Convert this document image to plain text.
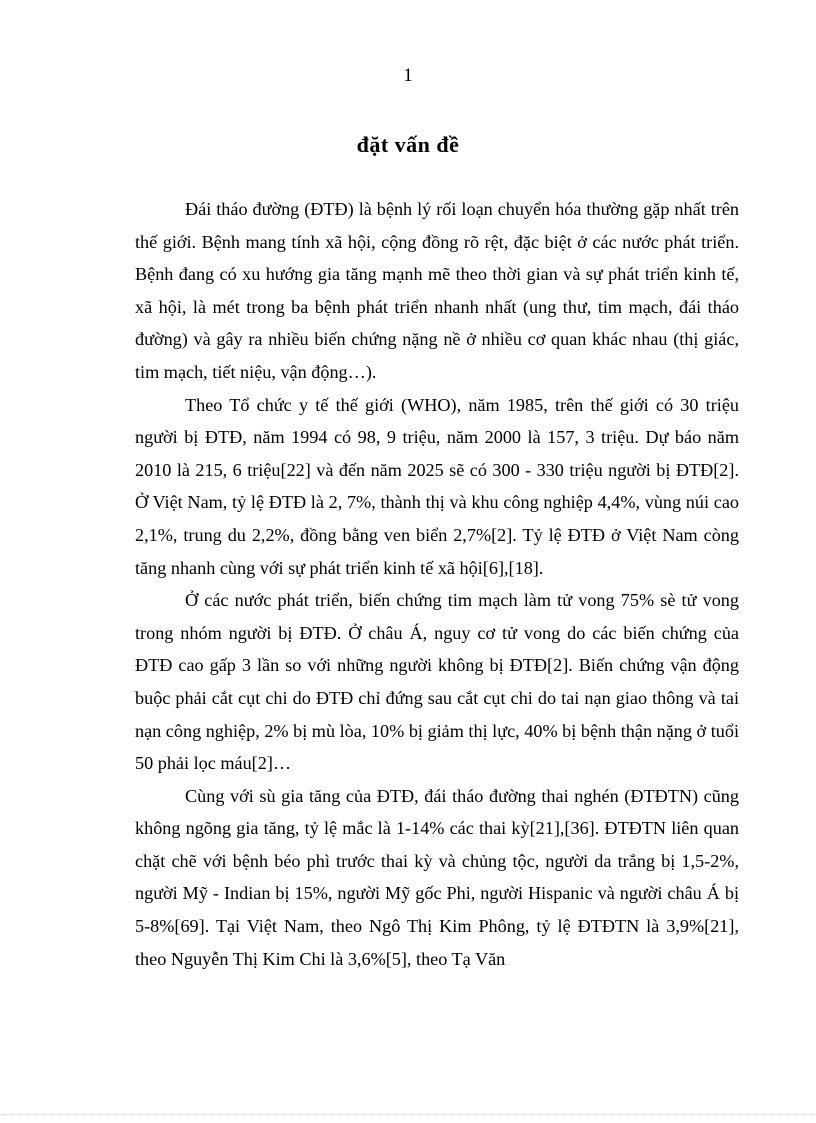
1
đặt vấn đề

Đái tháo đường (ĐTĐ) là bệnh lý rối loạn chuyển hóa thường gặp nhất trên thế giới. Bệnh mang tính xã hội, cộng đồng rõ rệt, đặc biệt ở các nước phát triển. Bệnh đang có xu hướng gia tăng mạnh mẽ theo thời gian và sự phát triển kinh tế, xã hội, là mét trong ba bệnh phát triển nhanh nhất (ung thư, tim mạch, đái tháo đường) và gây ra nhiều biến chứng nặng nề ở nhiều cơ quan khác nhau (thị giác, tim mạch, tiết niệu, vận động…).

Theo Tổ chức y tế thế giới (WHO), năm 1985, trên thế giới có 30 triệu người bị ĐTĐ, năm 1994 có 98, 9 triệu, năm 2000 là 157, 3 triệu. Dự báo năm 2010 là 215, 6 triệu[22] và đến năm 2025 sẽ có 300 - 330 triệu người bị ĐTĐ[2]. Ở Việt Nam, tỷ lệ ĐTĐ là 2, 7%, thành thị và khu công nghiệp 4,4%, vùng núi cao 2,1%, trung du 2,2%, đồng bằng ven biển 2,7%[2]. Tỷ lệ ĐTĐ ở Việt Nam còng tăng nhanh cùng với sự phát triển kinh tế xã hội[6],[18].

Ở các nước phát triển, biến chứng tim mạch làm tử vong 75% sè tử vong trong nhóm người bị ĐTĐ. Ở châu Á, nguy cơ tử vong do các biến chứng của ĐTĐ cao gấp 3 lần so với những người không bị ĐTĐ[2]. Biến chứng vận động buộc phải cắt cụt chi do ĐTĐ chỉ đứng sau cắt cụt chi do tai nạn giao thông và tai nạn công nghiệp, 2% bị mù lòa, 10% bị giảm thị lực, 40% bị bệnh thận nặng ở tuổi 50 phải lọc máu[2]…

Cùng với sù gia tăng của ĐTĐ, đái tháo đường thai nghén (ĐTĐTN) cũng không ngõng gia tăng, tỷ lệ mắc là 1-14% các thai kỳ[21],[36]. ĐTĐTN liên quan chặt chẽ với bệnh béo phì trước thai kỳ và chủng tộc, người da trắng bị 1,5-2%, người Mỹ - Indian bị 15%, người Mỹ gốc Phi, người Hispanic và người châu Á bị 5-8%[69]. Tại Việt Nam, theo Ngô Thị Kim Phông, tỷ lệ ĐTĐTN là 3,9%[21], theo Nguyễn Thị Kim Chi là 3,6%[5], theo Tạ Văn
